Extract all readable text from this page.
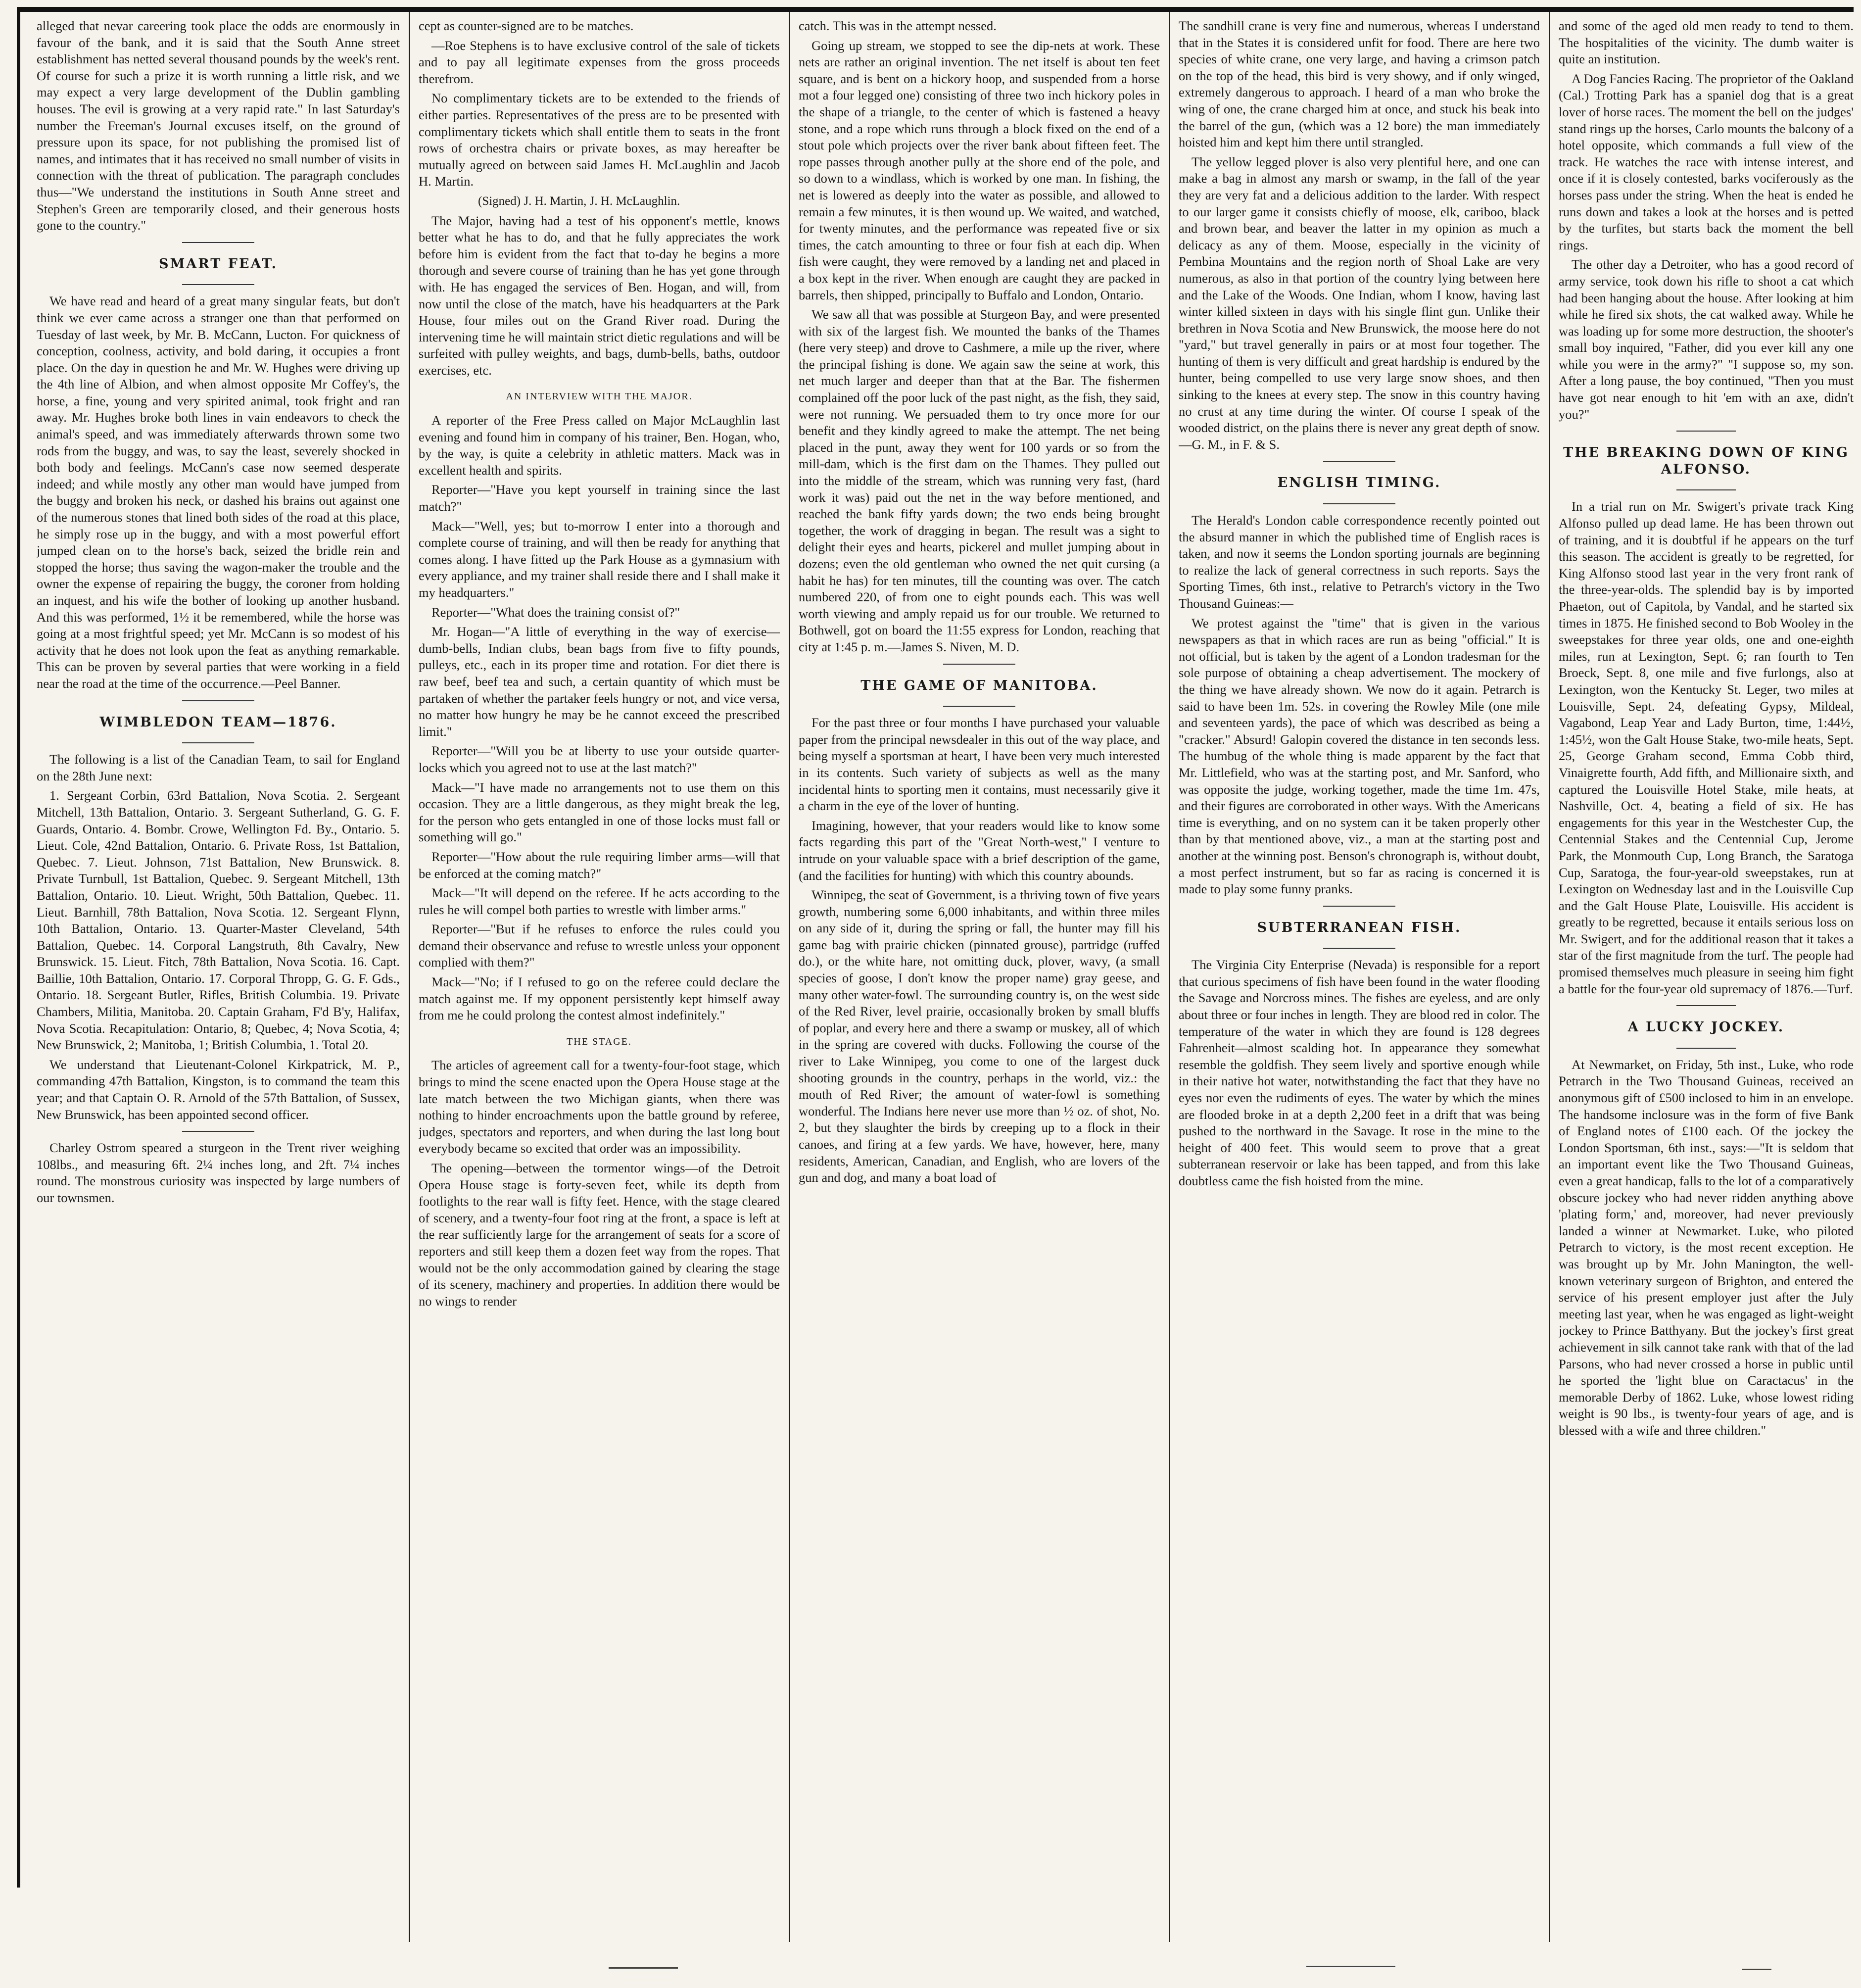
alleged that nevar careering took place the odds are enormously in favour of the bank, and it is said that the South Anne street establishment has netted several thousand pounds by the week's rent. Of course for such a prize it is worth running a little risk, and we may expect a very large development of the Dublin gambling houses. The evil is growing at a very rapid rate." In last Saturday's number the Freeman's Journal excuses itself, on the ground of pressure upon its space, for not publishing the promised list of names, and intimates that it has received no small number of visits in connection with the threat of publication. The paragraph concludes thus—"We understand the institutions in South Anne street and Stephen's Green are temporarily closed, and their generous hosts gone to the country."

SMART FEAT.

We have read and heard of a great many singular feats, but don't think we ever came across a stranger one than that performed on Tuesday of last week, by Mr. B. McCann, Lucton. For quickness of conception, coolness, activity, and bold daring, it occupies a front place. On the day in question he and Mr. W. Hughes were driving up the 4th line of Albion, and when almost opposite Mr Coffey's, the horse, a fine, young and very spirited animal, took fright and ran away. Mr. Hughes broke both lines in vain endeavors to check the animal's speed, and was immediately afterwards thrown some two rods from the buggy, and was, to say the least, severely shocked in both body and feelings. McCann's case now seemed desperate indeed; and while mostly any other man would have jumped from the buggy and broken his neck, or dashed his brains out against one of the numerous stones that lined both sides of the road at this place, he simply rose up in the buggy, and with a most powerful effort jumped clean on to the horse's back, seized the bridle rein and stopped the horse; thus saving the wagon-maker the trouble and the owner the expense of repairing the buggy, the coroner from holding an inquest, and his wife the bother of looking up another husband. And this was performed, 1½ it be remembered, while the horse was going at a most frightful speed; yet Mr. McCann is so modest of his activity that he does not look upon the feat as anything remarkable. This can be proven by several parties that were working in a field near the road at the time of the occurrence.—Peel Banner.

WIMBLEDON TEAM—1876.

The following is a list of the Canadian Team, to sail for England on the 28th June next:

1. Sergeant Corbin, 63rd Battalion, Nova Scotia. 2. Sergeant Mitchell, 13th Battalion, Ontario. 3. Sergeant Sutherland, G. G. F. Guards, Ontario. 4. Bombr. Crowe, Wellington Fd. By., Ontario. 5. Lieut. Cole, 42nd Battalion, Ontario. 6. Private Ross, 1st Battalion, Quebec. 7. Lieut. Johnson, 71st Battalion, New Brunswick. 8. Private Turnbull, 1st Battalion, Quebec. 9. Sergeant Mitchell, 13th Battalion, Ontario. 10. Lieut. Wright, 50th Battalion, Quebec. 11. Lieut. Barnhill, 78th Battalion, Nova Scotia. 12. Sergeant Flynn, 10th Battalion, Ontario. 13. Quarter-Master Cleveland, 54th Battalion, Quebec. 14. Corporal Langstruth, 8th Cavalry, New Brunswick. 15. Lieut. Fitch, 78th Battalion, Nova Scotia. 16. Capt. Baillie, 10th Battalion, Ontario. 17. Corporal Thropp, G. G. F. Gds., Ontario. 18. Sergeant Butler, Rifles, British Columbia. 19. Private Chambers, Militia, Manitoba. 20. Captain Graham, F'd B'y, Halifax, Nova Scotia. Recapitulation: Ontario, 8; Quebec, 4; Nova Scotia, 4; New Brunswick, 2; Manitoba, 1; British Columbia, 1. Total 20.

We understand that Lieutenant-Colonel Kirkpatrick, M. P., commanding 47th Battalion, Kingston, is to command the team this year; and that Captain O. R. Arnold of the 57th Battalion, of Sussex, New Brunswick, has been appointed second officer.

Charley Ostrom speared a sturgeon in the Trent river weighing 108lbs., and measuring 6ft. 2¼ inches long, and 2ft. 7¼ inches round. The monstrous curiosity was inspected by large numbers of our townsmen.

cept as counter-signed are to be matches.

—Roe Stephens is to have exclusive control of the sale of tickets and to pay all legitimate expenses from the gross proceeds therefrom.

No complimentary tickets are to be extended to the friends of either parties. Representatives of the press are to be presented with complimentary tickets which shall entitle them to seats in the front rows of orchestra chairs or private boxes, as may hereafter be mutually agreed on between said James H. McLaughlin and Jacob H. Martin.

(Signed) J. H. Martin, J. H. McLaughlin.

The Major, having had a test of his opponent's mettle, knows better what he has to do, and that he fully appreciates the work before him is evident from the fact that to-day he begins a more thorough and severe course of training than he has yet gone through with. He has engaged the services of Ben. Hogan, and will, from now until the close of the match, have his headquarters at the Park House, four miles out on the Grand River road. During the intervening time he will maintain strict dietic regulations and will be surfeited with pulley weights, and bags, dumb-bells, baths, outdoor exercises, etc.

AN INTERVIEW WITH THE MAJOR.

A reporter of the Free Press called on Major McLaughlin last evening and found him in company of his trainer, Ben. Hogan, who, by the way, is quite a celebrity in athletic matters. Mack was in excellent health and spirits.

Reporter—"Have you kept yourself in training since the last match?"

Mack—"Well, yes; but to-morrow I enter into a thorough and complete course of training, and will then be ready for anything that comes along. I have fitted up the Park House as a gymnasium with every appliance, and my trainer shall reside there and I shall make it my headquarters."

Reporter—"What does the training consist of?"

Mr. Hogan—"A little of everything in the way of exercise—dumb-bells, Indian clubs, bean bags from five to fifty pounds, pulleys, etc., each in its proper time and rotation. For diet there is raw beef, beef tea and such, a certain quantity of which must be partaken of whether the partaker feels hungry or not, and vice versa, no matter how hungry he may be he cannot exceed the prescribed limit."

Reporter—"Will you be at liberty to use your outside quarter-locks which you agreed not to use at the last match?"

Mack—"I have made no arrangements not to use them on this occasion. They are a little dangerous, as they might break the leg, for the person who gets entangled in one of those locks must fall or something will go."

Reporter—"How about the rule requiring limber arms—will that be enforced at the coming match?"

Mack—"It will depend on the referee. If he acts according to the rules he will compel both parties to wrestle with limber arms."

Reporter—"But if he refuses to enforce the rules could you demand their observance and refuse to wrestle unless your opponent complied with them?"

Mack—"No; if I refused to go on the referee could declare the match against me. If my opponent persistently kept himself away from me he could prolong the contest almost indefinitely."

THE STAGE.

The articles of agreement call for a twenty-four-foot stage, which brings to mind the scene enacted upon the Opera House stage at the late match between the two Michigan giants, when there was nothing to hinder encroachments upon the battle ground by referee, judges, spectators and reporters, and when during the last long bout everybody became so excited that order was an impossibility.

The opening—between the tormentor wings—of the Detroit Opera House stage is forty-seven feet, while its depth from footlights to the rear wall is fifty feet. Hence, with the stage cleared of scenery, and a twenty-four foot ring at the front, a space is left at the rear sufficiently large for the arrangement of seats for a score of reporters and still keep them a dozen feet way from the ropes. That would not be the only accommodation gained by clearing the stage of its scenery, machinery and properties. In addition there would be no wings to render

catch. This was in the attempt nessed.

Going up stream, we stopped to see the dip-nets at work. These nets are rather an original invention. The net itself is about ten feet square, and is bent on a hickory hoop, and suspended from a horse mot a four legged one) consisting of three two inch hickory poles in the shape of a triangle, to the center of which is fastened a heavy stone, and a rope which runs through a block fixed on the end of a stout pole which projects over the river bank about fifteen feet. The rope passes through another pully at the shore end of the pole, and so down to a windlass, which is worked by one man. In fishing, the net is lowered as deeply into the water as possible, and allowed to remain a few minutes, it is then wound up. We waited, and watched, for twenty minutes, and the performance was repeated five or six times, the catch amounting to three or four fish at each dip. When fish were caught, they were removed by a landing net and placed in a box kept in the river. When enough are caught they are packed in barrels, then shipped, principally to Buffalo and London, Ontario.

We saw all that was possible at Sturgeon Bay, and were presented with six of the largest fish. We mounted the banks of the Thames (here very steep) and drove to Cashmere, a mile up the river, where the principal fishing is done. We again saw the seine at work, this net much larger and deeper than that at the Bar. The fishermen complained off the poor luck of the past night, as the fish, they said, were not running. We persuaded them to try once more for our benefit and they kindly agreed to make the attempt. The net being placed in the punt, away they went for 100 yards or so from the mill-dam, which is the first dam on the Thames. They pulled out into the middle of the stream, which was running very fast, (hard work it was) paid out the net in the way before mentioned, and reached the bank fifty yards down; the two ends being brought together, the work of dragging in began. The result was a sight to delight their eyes and hearts, pickerel and mullet jumping about in dozens; even the old gentleman who owned the net quit cursing (a habit he has) for ten minutes, till the counting was over. The catch numbered 220, of from one to eight pounds each. This was well worth viewing and amply repaid us for our trouble. We returned to Bothwell, got on board the 11:55 express for London, reaching that city at 1:45 p. m.—James S. Niven, M. D.

THE GAME OF MANITOBA.

For the past three or four months I have purchased your valuable paper from the principal newsdealer in this out of the way place, and being myself a sportsman at heart, I have been very much interested in its contents. Such variety of subjects as well as the many incidental hints to sporting men it contains, must necessarily give it a charm in the eye of the lover of hunting.

Imagining, however, that your readers would like to know some facts regarding this part of the "Great North-west," I venture to intrude on your valuable space with a brief description of the game, (and the facilities for hunting) with which this country abounds.

Winnipeg, the seat of Government, is a thriving town of five years growth, numbering some 6,000 inhabitants, and within three miles on any side of it, during the spring or fall, the hunter may fill his game bag with prairie chicken (pinnated grouse), partridge (ruffed do.), or the white hare, not omitting duck, plover, wavy, (a small species of goose, I don't know the proper name) gray geese, and many other water-fowl. The surrounding country is, on the west side of the Red River, level prairie, occasionally broken by small bluffs of poplar, and every here and there a swamp or muskey, all of which in the spring are covered with ducks. Following the course of the river to Lake Winnipeg, you come to one of the largest duck shooting grounds in the country, perhaps in the world, viz.: the mouth of Red River; the amount of water-fowl is something wonderful. The Indians here never use more than ½ oz. of shot, No. 2, but they slaughter the birds by creeping up to a flock in their canoes, and firing at a few yards. We have, however, here, many residents, American, Canadian, and English, who are lovers of the gun and dog, and many a boat load of

The sandhill crane is very fine and numerous, whereas I understand that in the States it is considered unfit for food. There are here two species of white crane, one very large, and having a crimson patch on the top of the head, this bird is very showy, and if only winged, extremely dangerous to approach. I heard of a man who broke the wing of one, the crane charged him at once, and stuck his beak into the barrel of the gun, (which was a 12 bore) the man immediately hoisted him and kept him there until strangled.

The yellow legged plover is also very plentiful here, and one can make a bag in almost any marsh or swamp, in the fall of the year they are very fat and a delicious addition to the larder. With respect to our larger game it consists chiefly of moose, elk, cariboo, black and brown bear, and beaver the latter in my opinion as much a delicacy as any of them. Moose, especially in the vicinity of Pembina Mountains and the region north of Shoal Lake are very numerous, as also in that portion of the country lying between here and the Lake of the Woods. One Indian, whom I know, having last winter killed sixteen in days with his single flint gun. Unlike their brethren in Nova Scotia and New Brunswick, the moose here do not "yard," but travel generally in pairs or at most four together. The hunting of them is very difficult and great hardship is endured by the hunter, being compelled to use very large snow shoes, and then sinking to the knees at every step. The snow in this country having no crust at any time during the winter. Of course I speak of the wooded district, on the plains there is never any great depth of snow.—G. M., in F. & S.

ENGLISH TIMING.

The Herald's London cable correspondence recently pointed out the absurd manner in which the published time of English races is taken, and now it seems the London sporting journals are beginning to realize the lack of general correctness in such reports. Says the Sporting Times, 6th inst., relative to Petrarch's victory in the Two Thousand Guineas:—

We protest against the "time" that is given in the various newspapers as that in which races are run as being "official." It is not official, but is taken by the agent of a London tradesman for the sole purpose of obtaining a cheap advertisement. The mockery of the thing we have already shown. We now do it again. Petrarch is said to have been 1m. 52s. in covering the Rowley Mile (one mile and seventeen yards), the pace of which was described as being a "cracker." Absurd! Galopin covered the distance in ten seconds less. The humbug of the whole thing is made apparent by the fact that Mr. Littlefield, who was at the starting post, and Mr. Sanford, who was opposite the judge, working together, made the time 1m. 47s, and their figures are corroborated in other ways. With the Americans time is everything, and on no system can it be taken properly other than by that mentioned above, viz., a man at the starting post and another at the winning post. Benson's chronograph is, without doubt, a most perfect instrument, but so far as racing is concerned it is made to play some funny pranks.

SUBTERRANEAN FISH.

The Virginia City Enterprise (Nevada) is responsible for a report that curious specimens of fish have been found in the water flooding the Savage and Norcross mines. The fishes are eyeless, and are only about three or four inches in length. They are blood red in color. The temperature of the water in which they are found is 128 degrees Fahrenheit—almost scalding hot. In appearance they somewhat resemble the goldfish. They seem lively and sportive enough while in their native hot water, notwithstanding the fact that they have no eyes nor even the rudiments of eyes. The water by which the mines are flooded broke in at a depth 2,200 feet in a drift that was being pushed to the northward in the Savage. It rose in the mine to the height of 400 feet. This would seem to prove that a great subterranean reservoir or lake has been tapped, and from this lake doubtless came the fish hoisted from the mine.

and some of the aged old men ready to tend to them. The hospitalities of the vicinity. The dumb waiter is quite an institution.

A Dog Fancies Racing. The proprietor of the Oakland (Cal.) Trotting Park has a spaniel dog that is a great lover of horse races. The moment the bell on the judges' stand rings up the horses, Carlo mounts the balcony of a hotel opposite, which commands a full view of the track. He watches the race with intense interest, and once if it is closely contested, barks vociferously as the horses pass under the string. When the heat is ended he runs down and takes a look at the horses and is petted by the turfites, but starts back the moment the bell rings.

The other day a Detroiter, who has a good record of army service, took down his rifle to shoot a cat which had been hanging about the house. After looking at him while he fired six shots, the cat walked away. While he was loading up for some more destruction, the shooter's small boy inquired, "Father, did you ever kill any one while you were in the army?" "I suppose so, my son. After a long pause, the boy continued, "Then you must have got near enough to hit 'em with an axe, didn't you?"

THE BREAKING DOWN OF KING ALFONSO.

In a trial run on Mr. Swigert's private track King Alfonso pulled up dead lame. He has been thrown out of training, and it is doubtful if he appears on the turf this season. The accident is greatly to be regretted, for King Alfonso stood last year in the very front rank of the three-year-olds. The splendid bay is by imported Phaeton, out of Capitola, by Vandal, and he started six times in 1875. He finished second to Bob Wooley in the sweepstakes for three year olds, one and one-eighth miles, run at Lexington, Sept. 6; ran fourth to Ten Broeck, Sept. 8, one mile and five furlongs, also at Lexington, won the Kentucky St. Leger, two miles at Louisville, Sept. 24, defeating Gypsy, Mildeal, Vagabond, Leap Year and Lady Burton, time, 1:44½, 1:45½, won the Galt House Stake, two-mile heats, Sept. 25, George Graham second, Emma Cobb third, Vinaigrette fourth, Add fifth, and Millionaire sixth, and captured the Louisville Hotel Stake, mile heats, at Nashville, Oct. 4, beating a field of six. He has engagements for this year in the Westchester Cup, the Centennial Stakes and the Centennial Cup, Jerome Park, the Monmouth Cup, Long Branch, the Saratoga Cup, Saratoga, the four-year-old sweepstakes, run at Lexington on Wednesday last and in the Louisville Cup and the Galt House Plate, Louisville. His accident is greatly to be regretted, because it entails serious loss on Mr. Swigert, and for the additional reason that it takes a star of the first magnitude from the turf. The people had promised themselves much pleasure in seeing him fight a battle for the four-year old supremacy of 1876.—Turf.

A LUCKY JOCKEY.

At Newmarket, on Friday, 5th inst., Luke, who rode Petrarch in the Two Thousand Guineas, received an anonymous gift of £500 inclosed to him in an envelope. The handsome inclosure was in the form of five Bank of England notes of £100 each. Of the jockey the London Sportsman, 6th inst., says:—"It is seldom that an important event like the Two Thousand Guineas, even a great handicap, falls to the lot of a comparatively obscure jockey who had never ridden anything above 'plating form,' and, moreover, had never previously landed a winner at Newmarket. Luke, who piloted Petrarch to victory, is the most recent exception. He was brought up by Mr. John Manington, the well-known veterinary surgeon of Brighton, and entered the service of his present employer just after the July meeting last year, when he was engaged as light-weight jockey to Prince Batthyany. But the jockey's first great achievement in silk cannot take rank with that of the lad Parsons, who had never crossed a horse in public until he sported the 'light blue on Caractacus' in the memorable Derby of 1862. Luke, whose lowest riding weight is 90 lbs., is twenty-four years of age, and is blessed with a wife and three children."
